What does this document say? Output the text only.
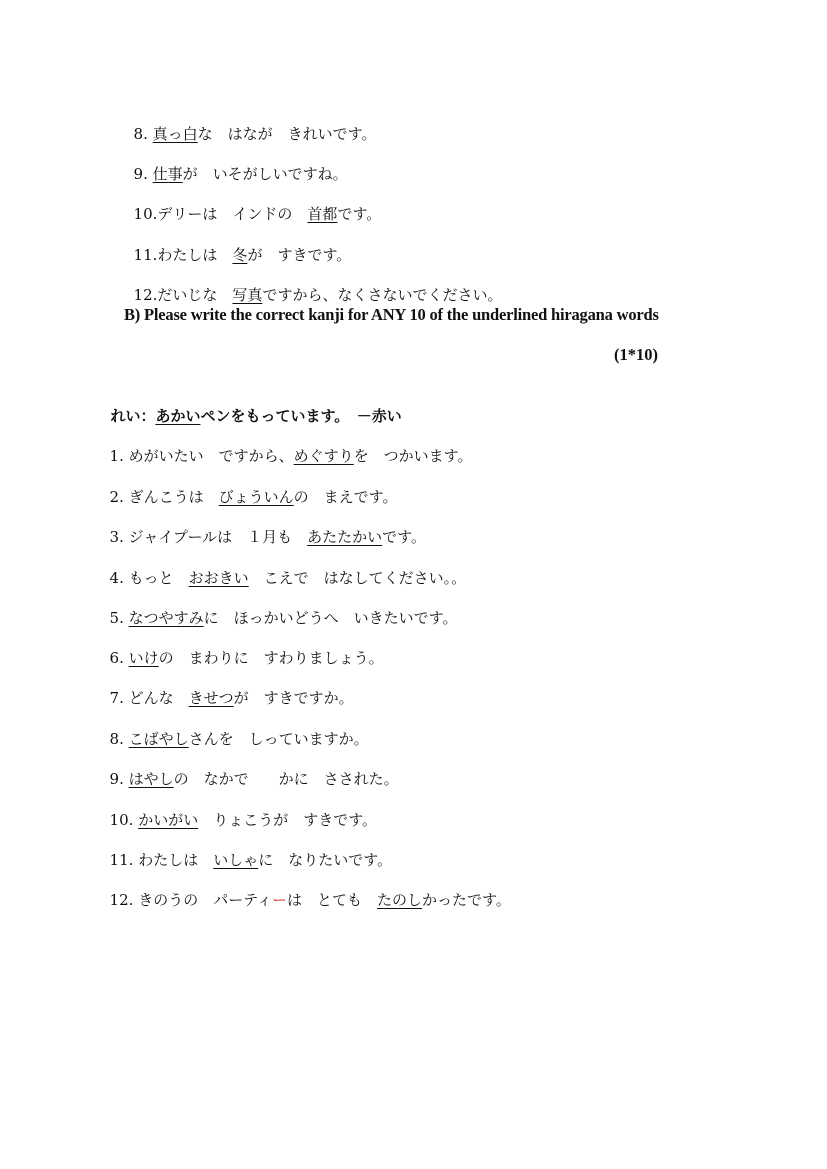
8. 真っ白な　はなが　きれいです。

9. 仕事が　いそがしいですね。

10.デリーは　インドの　首都です。

11.わたしは　冬が　すきです。

12.だいじな　写真ですから、なくさないでください。

B) Please write the correct kanji for ANY 10 of the underlined hiragana words
(1*10)

れい：あかいペンをもっています。　－赤い

1. めがいたい　ですから、めぐすりを　つかいます。

2. ぎんこうは　びょういんの　まえです。

3. ジャイプールは　１月も　あたたかいです。

4. もっと　おおきい　こえで　はなしてください。。

5. なつやすみに　ほっかいどうへ　いきたいです。

6. いけの　まわりに　すわりましょう。

7. どんな　きせつが　すきですか。

8. こばやしさんを　しっていますか。

9. はやしの　なかで　　かに　さされた。

10. かいがい　りょこうが　すきです。

11. わたしは　いしゃに　なりたいです。

12. きのうの　パーティーは　とても　たのしかったです。
